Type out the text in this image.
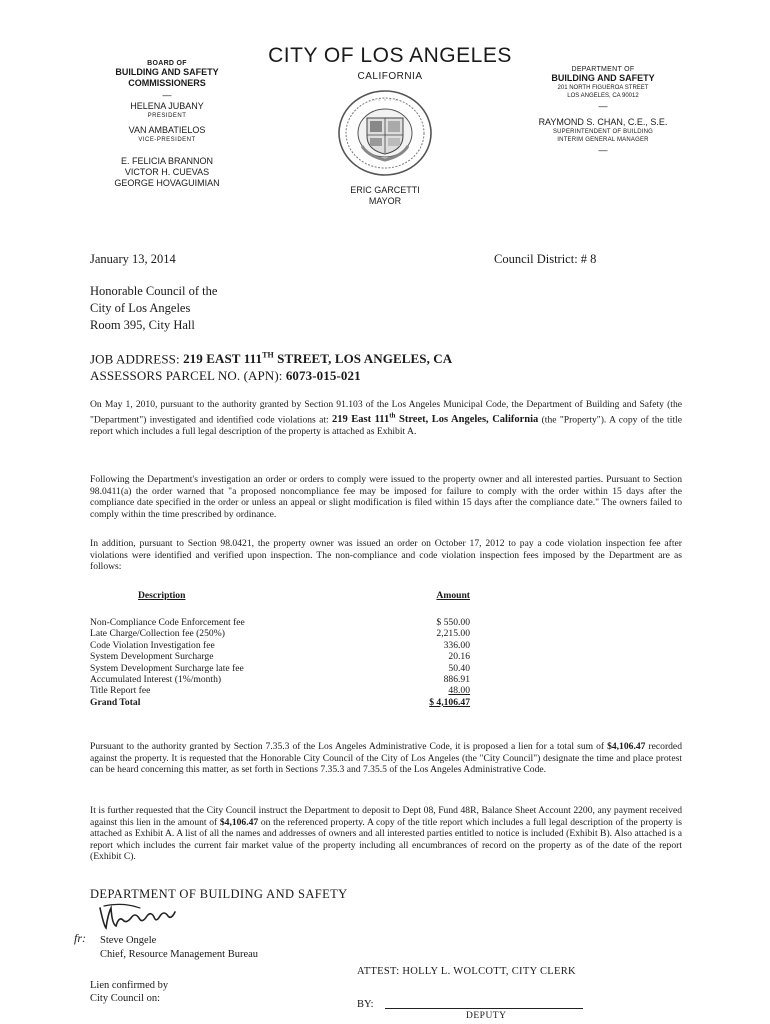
BOARD OF
BUILDING AND SAFETY
COMMISSIONERS
—
HELENA JUBANY
PRESIDENT
VAN AMBATIELOS
VICE-PRESIDENT
E. FELICIA BRANNON
VICTOR H. CUEVAS
GEORGE HOVAGUIMIAN
CITY OF LOS ANGELES
CALIFORNIA
◦ ◦ ◦ ◦ ◦
ERIC GARCETTI
MAYOR
DEPARTMENT OF
BUILDING AND SAFETY
201 NORTH FIGUEROA STREET
LOS ANGELES, CA 90012
—
RAYMOND S. CHAN, C.E., S.E.
SUPERINTENDENT OF BUILDING
INTERIM GENERAL MANAGER
—
January 13, 2014	Council District: # 8
Honorable Council of the
City of Los Angeles
Room 395, City Hall
JOB ADDRESS: 219 EAST 111TH STREET, LOS ANGELES, CA
ASSESSORS PARCEL NO. (APN): 6073-015-021
On May 1, 2010, pursuant to the authority granted by Section 91.103 of the Los Angeles Municipal Code, the Department of Building and Safety (the "Department") investigated and identified code violations at: 219 East 111th Street, Los Angeles, California (the "Property"). A copy of the title report which includes a full legal description of the property is attached as Exhibit A.
Following the Department's investigation an order or orders to comply were issued to the property owner and all interested parties. Pursuant to Section 98.0411(a) the order warned that "a proposed noncompliance fee may be imposed for failure to comply with the order within 15 days after the compliance date specified in the order or unless an appeal or slight modification is filed within 15 days after the compliance date." The owners failed to comply within the time prescribed by ordinance.
In addition, pursuant to Section 98.0421, the property owner was issued an order on October 17, 2012 to pay a code violation inspection fee after violations were identified and verified upon inspection. The non-compliance and code violation inspection fees imposed by the Department are as follows:
Description	Amount
Non-Compliance Code Enforcement fee	$ 550.00
Late Charge/Collection fee (250%)	2,215.00
Code Violation Investigation fee	336.00
System Development Surcharge	20.16
System Development Surcharge late fee	50.40
Accumulated Interest (1%/month)	886.91
Title Report fee	48.00
Grand Total	$ 4,106.47
Pursuant to the authority granted by Section 7.35.3 of the Los Angeles Administrative Code, it is proposed a lien for a total sum of $4,106.47 recorded against the property. It is requested that the Honorable City Council of the City of Los Angeles (the "City Council") designate the time and place protest can be heard concerning this matter, as set forth in Sections 7.35.3 and 7.35.5 of the Los Angeles Administrative Code.
It is further requested that the City Council instruct the Department to deposit to Dept 08, Fund 48R, Balance Sheet Account 2200, any payment received against this lien in the amount of $4,106.47 on the referenced property. A copy of the title report which includes a full legal description of the property is attached as Exhibit A. A list of all the names and addresses of owners and all interested parties entitled to notice is included (Exhibit B). Also attached is a report which includes the current fair market value of the property including all encumbrances of record on the property as of the date of the report (Exhibit C).
DEPARTMENT OF BUILDING AND SAFETY
fr: Steve Ongele
Chief, Resource Management Bureau
Lien confirmed by
City Council on:
ATTEST: HOLLY L. WOLCOTT, CITY CLERK
BY:
DEPUTY
